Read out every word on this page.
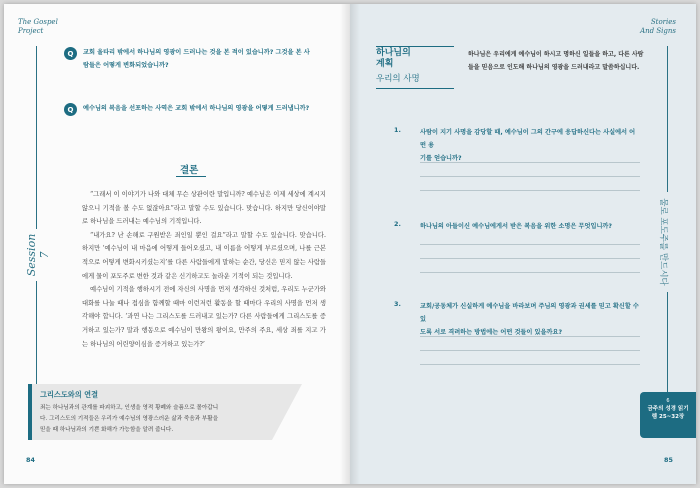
The Gospel
Project
Session 7
Q	교회 울타리 밖에서 하나님의 영광이 드러나는 것을 본 적이 있습니까? 그것을 본 사
람들은 어떻게 변화되었습니까?
Q	예수님의 복음을 선포하는 사역은 교회 밖에서 하나님의 영광을 어떻게 드러냅니까?
결론

“그래서 이 이야기가 나와 대체 무슨 상관이란 말입니까? 예수님은 이제 세상에 계시지 않으니 기적을 볼 수도 없잖아요”라고 말할 수도 있습니다. 맞습니다. 하지만 당신이야말로 하나님을 드러내는 예수님의 기적입니다.

“내가요? 난 손해로 구원받은 죄인일 뿐인 걸요”라고 말할 수도 있습니다. 맞습니다. 하지만 ‘예수님이 내 마음에 어떻게 들어오셨고, 내 이름을 어떻게 부르셨으며, 나를 근본적으로 어떻게 변화시키셨는지’를 다른 사람들에게 말하는 순간, 당신은 믿지 않는 사람들에게 물이 포도주로 변한 것과 같은 신기하고도 놀라운 기적이 되는 것입니다.

예수님이 기적을 행하시기 전에 자신의 사명을 먼저 생각하신 것처럼, 우리도 누군가와 대화를 나눌 때나 접심을 함께할 때마 이런저런 활동을 할 때마다 우리의 사명을 먼저 생각해야 합니다. ‘과연 나는 그리스도를 드러내고 있는가? 다른 사람들에게 그리스도를 증거하고 있는가? 말과 행동으로 예수님이 만왕의 왕이요, 만주의 주요, 세상 죄를 지고 가는 하나님의 어린양이심을 증거하고 있는가?’

그리스도와의 연결
죄는 하나님과의 관계를 파괴하고, 인생을 영적 황폐와 슬픔으로 몰아갑니
다. 그리스도의 기적들은 우리가 예수님의 영광스러운 삶과 죽음과 부활을
믿을 때 하나님과의 기쁜 화해가 가능함을 알려 줍니다.
84
Stories
And Signs
하나님의
계획
우리의 사명
하나님은 우리에게 예수님이 하시고 명하신 일들을 하고, 다른 사람
들을 믿음으로 인도해 하나님의 영광을 드러내라고 말씀하십니다.
1.	사람이 지기 사명을 감당할 때, 예수님이 그의 간구에 응답하신다는 사실에서 어떤 용
기를 얻습니까?
2.	하나님의 아들이신 예수님에게서 받은 복음을 위한 소명은 무엇입니까?
3.	교회/공동체가 신실하게 예수님을 바라보며 주님의 영광과 권세를 믿고 확신할 수 있
도록 서로 격려하는 방법에는 어떤 것들이 있을까요?
물로 포도주를 만드시다
6
금주의 성경 읽기
렘 25~32장
85
